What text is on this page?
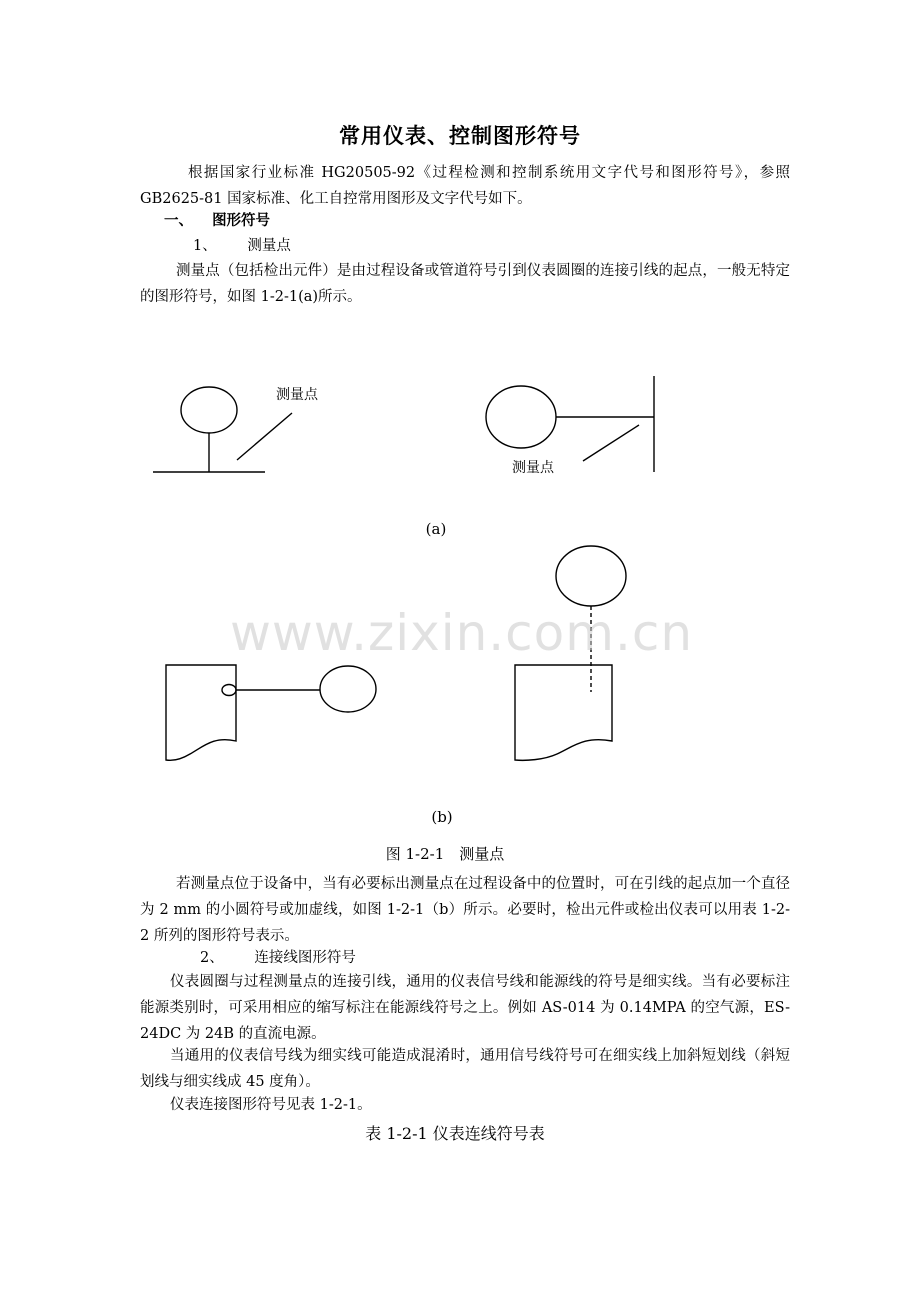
常用仪表、控制图形符号
根据国家行业标准 HG20505-92《过程检测和控制系统用文字代号和图形符号》，参照GB2625-81 国家标准、化工自控常用图形及文字代号如下。
一、 图形符号
1、 测量点
测量点（包括检出元件）是由过程设备或管道符号引到仪表圆圈的连接引线的起点，一般无特定的图形符号，如图 1-2-1(a)所示。
测量点
测量点
(a)
www.zixin.com.cn
(b)
图 1-2-1　测量点
若测量点位于设备中，当有必要标出测量点在过程设备中的位置时，可在引线的起点加一个直径为 2 mm 的小圆符号或加虚线，如图 1-2-1（b）所示。必要时，检出元件或检出仪表可以用表 1-2-2 所列的图形符号表示。
2、 连接线图形符号
仪表圆圈与过程测量点的连接引线，通用的仪表信号线和能源线的符号是细实线。当有必要标注能源类别时，可采用相应的缩写标注在能源线符号之上。例如 AS-014 为 0.14MPA 的空气源，ES-24DC 为 24B 的直流电源。
当通用的仪表信号线为细实线可能造成混淆时，通用信号线符号可在细实线上加斜短划线（斜短划线与细实线成 45 度角）。
仪表连接图形符号见表 1-2-1。
表 1-2-1 仪表连线符号表
